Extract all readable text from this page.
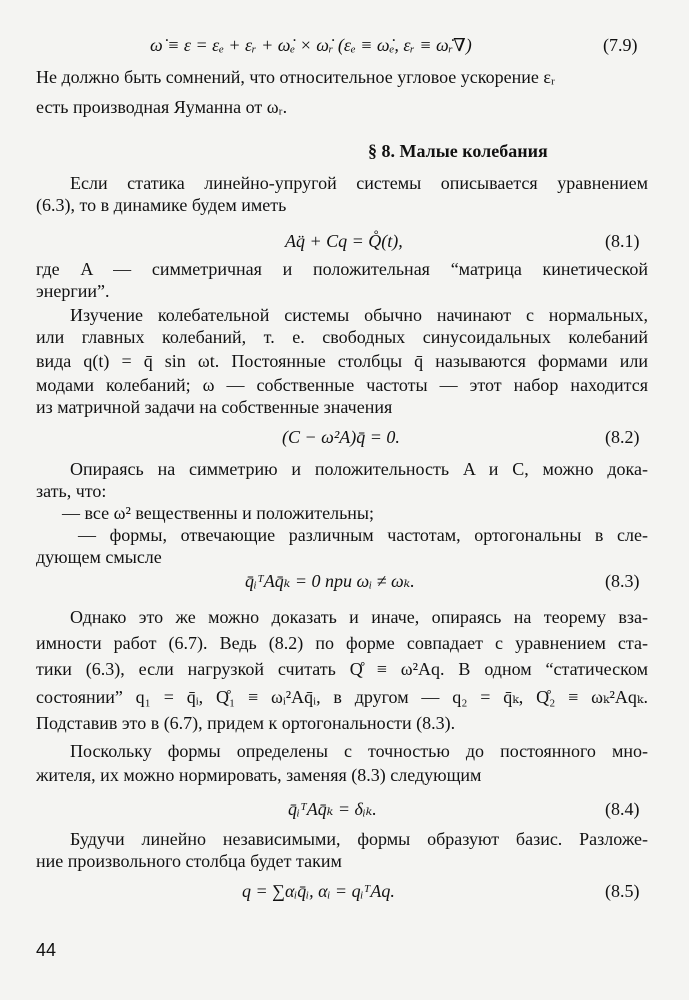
ω̇ ≡ ε = εₑ + εᵣ + ω̇ₑ × ω̇ᵣ (εₑ ≡ ω̇ₑ, εᵣ ≡ ω̇ᵣ∇)	(7.9)
Не должно быть сомнений, что относительное угловое ускорение εᵣ
есть производная Яуманна от ωᵣ.
§ 8. Малые колебания
Если статика линейно-упругой системы описывается уравнением
(6.3), то в динамике будем иметь
Aq̈ + Cq = Q̊(t),	(8.1)
где A — симметричная и положительная “матрица кинетической
энергии”.
Изучение колебательной системы обычно начинают с нормальных,
или главных колебаний, т. е. свободных синусоидальных колебаний
вида q(t) = q̄ sin ωt. Постоянные столбцы q̄ называются формами или
модами колебаний; ω — собственные частоты — этот набор находится
из матричной задачи на собственные значения
(C − ω²A)q̄ = 0.	(8.2)
Опираясь на симметрию и положительность A и C, можно дока-
зать, что:
— все ω² вещественны и положительны;
— формы, отвечающие различным частотам, ортогональны в сле-
дующем смысле
q̄ᵢᵀAq̄ₖ = 0 при ωᵢ ≠ ωₖ.	(8.3)
Однако это же можно доказать и иначе, опираясь на теорему вза-
имности работ (6.7). Ведь (8.2) по форме совпадает с уравнением ста-
тики (6.3), если нагрузкой считать Q̊ ≡ ω²Aq. В одном “статическом
состоянии” q₁ = q̄ᵢ, Q̊₁ ≡ ωᵢ²Aq̄ᵢ, в другом — q₂ = q̄ₖ, Q̊₂ ≡ ωₖ²Aqₖ.
Подставив это в (6.7), придем к ортогональности (8.3).
Поскольку формы определены с точностью до постоянного мно-
жителя, их можно нормировать, заменяя (8.3) следующим
q̄ᵢᵀAq̄ₖ = δᵢₖ.	(8.4)
Будучи линейно независимыми, формы образуют базис. Разложе-
ние произвольного столбца будет таким
q = ∑αᵢq̄ᵢ, αᵢ = qᵢᵀAq.	(8.5)
44
